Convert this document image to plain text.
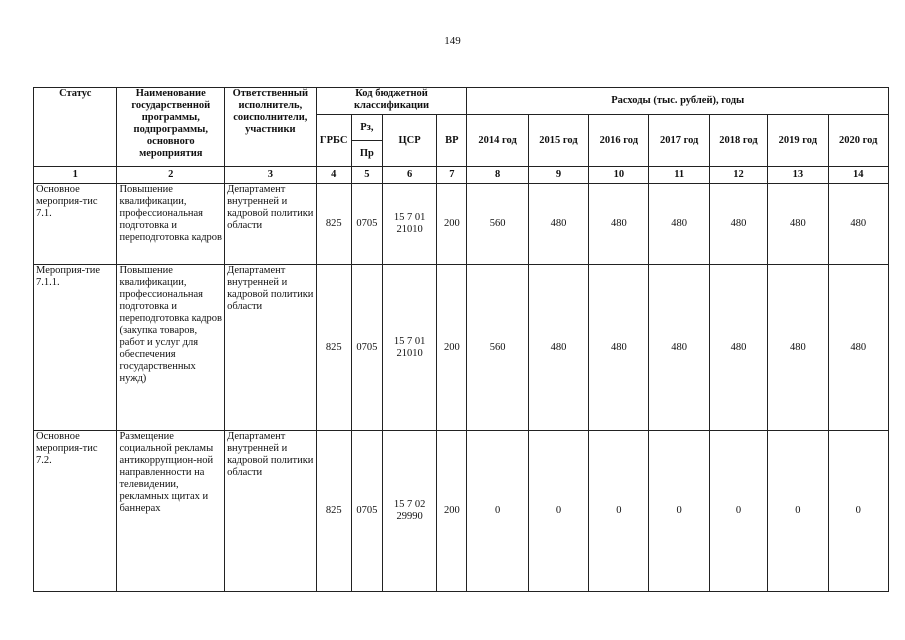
149
Статус	Наименование государственной программы, подпрограммы, основного мероприятия	Ответственный исполнитель, соисполнители, участники	Код бюджетной классификации				Расходы (тыс. рублей), годы						
			ГРБС	Рз,	ЦСР	ВР	2014 год	2015 год	2016 год	2017 год	2018 год	2019 год	2020 год
				Пр									
1	2	3	4	5	6	7	8	9	10	11	12	13	14
Основное мероприя-тис 7.1.	Повышение квалификации, профессиональная подготовка и переподготовка кадров	Департамент внутренней и кадровой политики области	825	0705	15 7 01 21010	200	560	480	480	480	480	480	480
Мероприя-тие 7.1.1.	Повышение квалификации, профессиональная подготовка и переподготовка кадров (закупка товаров, работ и услуг для обеспечения государственных нужд)	Департамент внутренней и кадровой политики области	825	0705	15 7 01 21010	200	560	480	480	480	480	480	480
Основное мероприя-тис 7.2.	Размещение социальной рекламы антикоррупцион-ной направленности на телевидении, рекламных щитах и баннерах	Департамент внутренней и кадровой политики области	825	0705	15 7 02 29990	200	0	0	0	0	0	0	0
